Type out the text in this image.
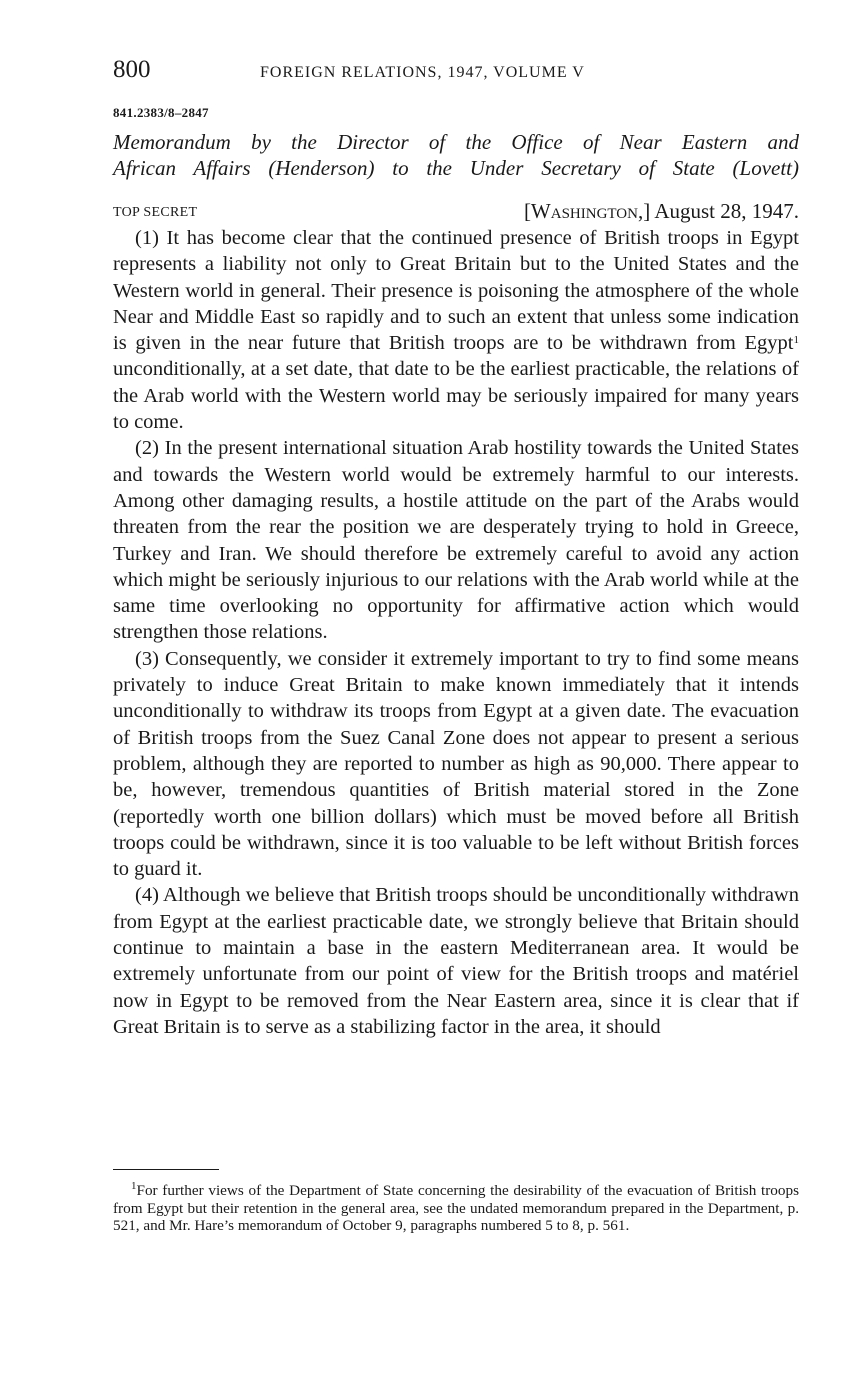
800	FOREIGN RELATIONS, 1947, VOLUME V
841.2383/8–2847
Memorandum by the Director of the Office of Near Eastern and
African Affairs (Henderson) to the Under Secretary of State (Lovett)
TOP SECRET	[Washington,] August 28, 1947.

(1) It has become clear that the continued presence of British troops in Egypt represents a liability not only to Great Britain but to the United States and the Western world in general. Their presence is poisoning the atmosphere of the whole Near and Middle East so rapidly and to such an extent that unless some indication is given in the near future that British troops are to be withdrawn from Egypt$^1$ unconditionally, at a set date, that date to be the earliest practicable, the relations of the Arab world with the Western world may be seriously impaired for many years to come.

(2) In the present international situation Arab hostility towards the United States and towards the Western world would be extremely harmful to our interests. Among other damaging results, a hostile attitude on the part of the Arabs would threaten from the rear the position we are desperately trying to hold in Greece, Turkey and Iran. We should therefore be extremely careful to avoid any action which might be seriously injurious to our relations with the Arab world while at the same time overlooking no opportunity for affirmative action which would strengthen those relations.

(3) Consequently, we consider it extremely important to try to find some means privately to induce Great Britain to make known immediately that it intends unconditionally to withdraw its troops from Egypt at a given date. The evacuation of British troops from the Suez Canal Zone does not appear to present a serious problem, although they are reported to number as high as 90,000. There appear to be, however, tremendous quantities of British material stored in the Zone (reportedly worth one billion dollars) which must be moved before all British troops could be withdrawn, since it is too valuable to be left without British forces to guard it.

(4) Although we believe that British troops should be unconditionally withdrawn from Egypt at the earliest practicable date, we strongly believe that Britain should continue to maintain a base in the eastern Mediterranean area. It would be extremely unfortunate from our point of view for the British troops and matériel now in Egypt to be removed from the Near Eastern area, since it is clear that if Great Britain is to serve as a stabilizing factor in the area, it should

$^1$For further views of the Department of State concerning the desirability of the evacuation of British troops from Egypt but their retention in the general area, see the undated memorandum prepared in the Department, p. 521, and Mr. Hare’s memorandum of October 9, paragraphs numbered 5 to 8, p. 561.
